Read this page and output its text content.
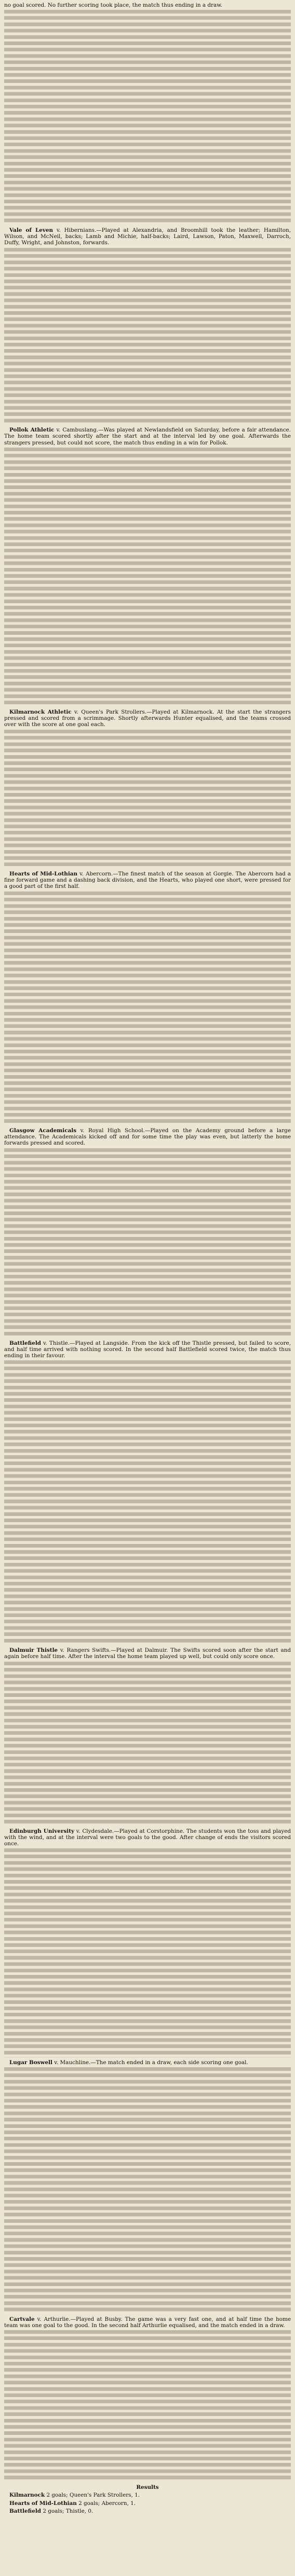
no goal scored. No further scoring took place, the match thus ending in a draw.

Vale of Leven v. Hibernians.—Played at Alexandria, and Broomhill took the leather; Hamilton, Wilson, and McNeil, backs; Lamb and Michie, half-backs; Laird, Lawson, Paton, Maxwell, Darroch, Duffy, Wright, and Johnston, forwards.

Pollok Athletic v. Cambuslang.—Was played at Newlandsfield on Saturday, before a fair attendance. The home team scored shortly after the start and at the interval led by one goal. Afterwards the strangers pressed, but could not score, the match thus ending in a win for Pollok.

Kilmarnock Athletic v. Queen's Park Strollers.—Played at Kilmarnock. At the start the strangers pressed and scored from a scrimmage. Shortly afterwards Hunter equalised, and the teams crossed over with the score at one goal each.

Hearts of Mid-Lothian v. Abercorn.—The finest match of the season at Gorgie. The Abercorn had a fine forward game and a dashing back division, and the Hearts, who played one short, were pressed for a good part of the first half.

Glasgow Academicals v. Royal High School.—Played on the Academy ground before a large attendance. The Academicals kicked off and for some time the play was even, but latterly the home forwards pressed and scored.

Battlefield v. Thistle.—Played at Langside. From the kick off the Thistle pressed, but failed to score, and half time arrived with nothing scored. In the second half Battlefield scored twice, the match thus ending in their favour.

Dalmuir Thistle v. Rangers Swifts.—Played at Dalmuir. The Swifts scored soon after the start and again before half time. After the interval the home team played up well, but could only score once.

Edinburgh University v. Clydesdale.—Played at Corstorphine. The students won the toss and played with the wind, and at the interval were two goals to the good. After change of ends the visitors scored once.

Lugar Boswell v. Mauchline.—The match ended in a draw, each side scoring one goal.

Cartvale v. Arthurlie.—Played at Busby. The game was a very fast one, and at half time the home team was one goal to the good. In the second half Arthurlie equalised, and the match ended in a draw.

Results

Kilmarnock 2 goals; Queen's Park Strollers, 1.

Hearts of Mid-Lothian 2 goals; Abercorn, 1.

Battlefield 2 goals; Thistle, 0.
